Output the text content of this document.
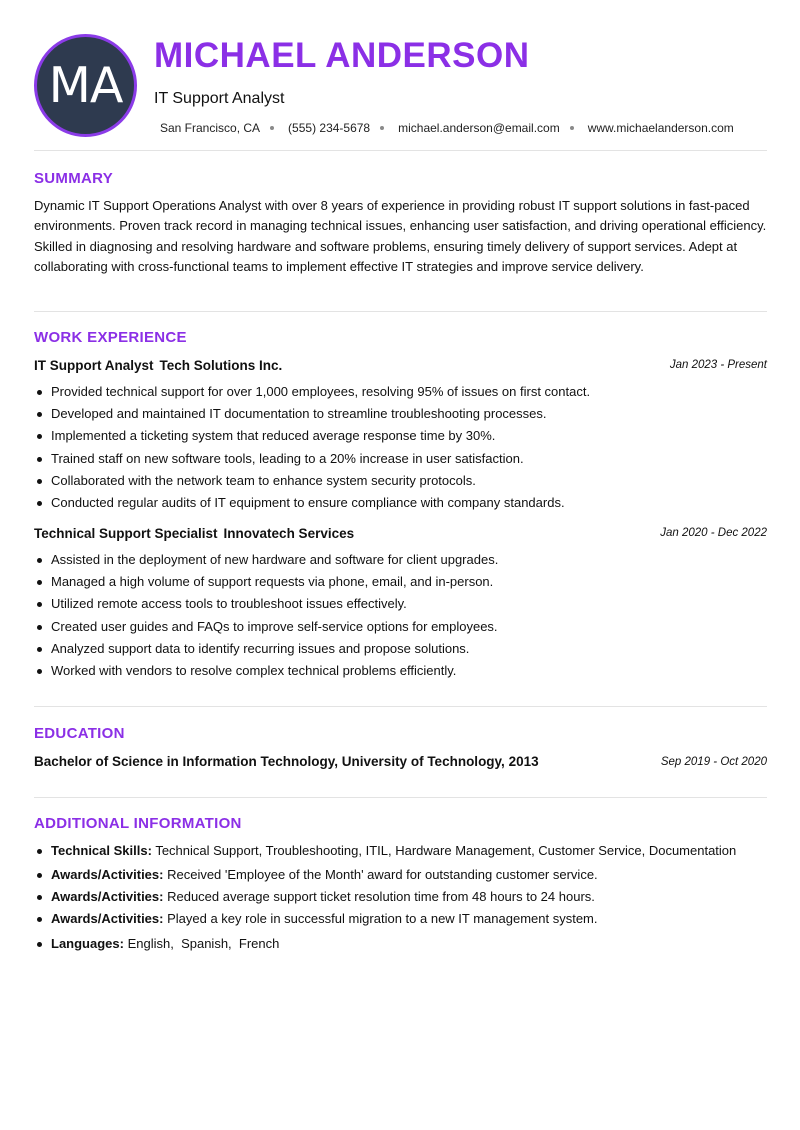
MA
MICHAEL ANDERSON
IT Support Analyst
San Francisco, CA (555) 234-5678 michael.anderson@email.com www.michaelanderson.com
SUMMARY
Dynamic IT Support Operations Analyst with over 8 years of experience in providing robust IT support solutions in fast-paced environments. Proven track record in managing technical issues, enhancing user satisfaction, and driving operational efficiency. Skilled in diagnosing and resolving hardware and software problems, ensuring timely delivery of support services. Adept at collaborating with cross-functional teams to implement effective IT strategies and improve service delivery.
WORK EXPERIENCE
IT Support Analyst Tech Solutions Inc.	Jan 2023 - Present
Provided technical support for over 1,000 employees, resolving 95% of issues on first contact.
Developed and maintained IT documentation to streamline troubleshooting processes.
Implemented a ticketing system that reduced average response time by 30%.
Trained staff on new software tools, leading to a 20% increase in user satisfaction.
Collaborated with the network team to enhance system security protocols.
Conducted regular audits of IT equipment to ensure compliance with company standards.
Technical Support Specialist Innovatech Services	Jan 2020 - Dec 2022
Assisted in the deployment of new hardware and software for client upgrades.
Managed a high volume of support requests via phone, email, and in-person.
Utilized remote access tools to troubleshoot issues effectively.
Created user guides and FAQs to improve self-service options for employees.
Analyzed support data to identify recurring issues and propose solutions.
Worked with vendors to resolve complex technical problems efficiently.
EDUCATION
Bachelor of Science in Information Technology, University of Technology, 2013	Sep 2019 - Oct 2020
ADDITIONAL INFORMATION
Technical Skills: Technical Support, Troubleshooting, ITIL, Hardware Management, Customer Service, Documentation
Awards/Activities: Received 'Employee of the Month' award for outstanding customer service.
Awards/Activities: Reduced average support ticket resolution time from 48 hours to 24 hours.
Awards/Activities: Played a key role in successful migration to a new IT management system.
Languages: English,  Spanish,  French
